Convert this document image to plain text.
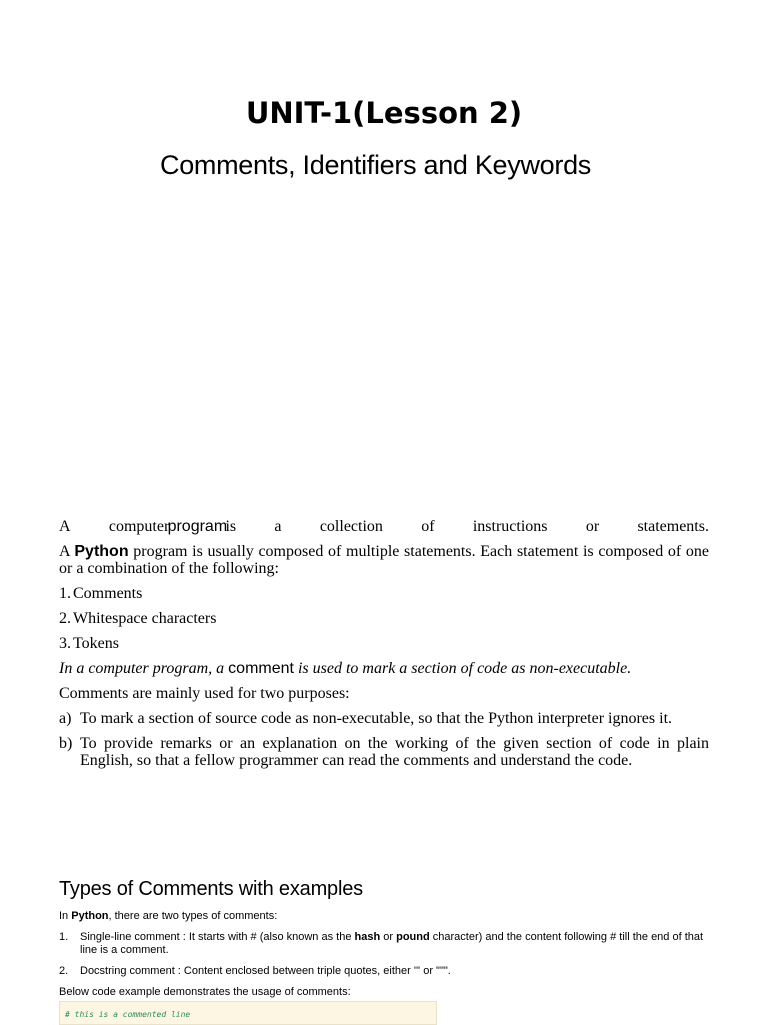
UNIT-1(Lesson 2)
Comments, Identifiers and Keywords

A computer
program
is a collection of instructions or statements.

A Python program is usually composed of multiple statements. Each statement is composed of one or a combination of the following:

1. Comments
2. Whitespace characters
3. Tokens

In a computer program, a comment is used to mark a section of code as non-executable.

Comments are mainly used for two purposes:

a) To mark a section of source code as non-executable, so that the Python interpreter ignores it.
b) To provide remarks or an explanation on the working of the given section of code in plain English, so that a fellow programmer can read the comments and understand the code.
Types of Comments with examples

In Python, there are two types of comments:

1.	Single-line comment : It starts with # (also known as the hash or pound character) and the content following # till the end of that line is a comment.
2.	Docstring comment : Content enclosed between triple quotes, either ''' or """.

Below code example demonstrates the usage of comments:

# this is a commented line
